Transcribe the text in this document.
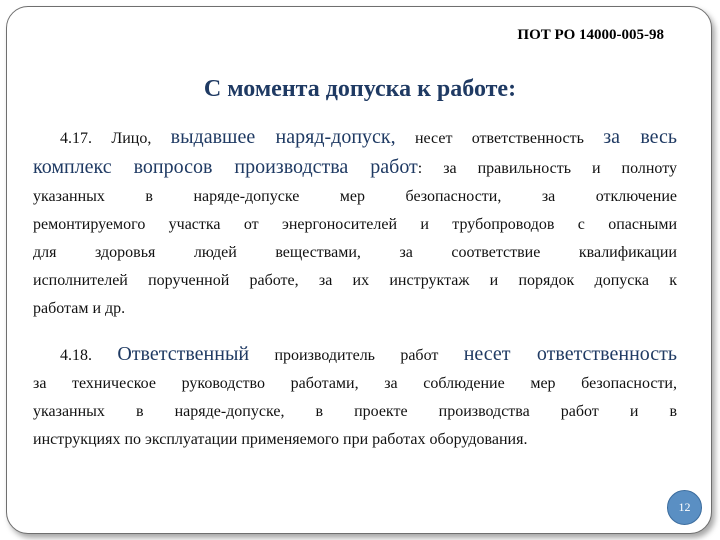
ПОТ РО 14000-005-98
С момента допуска к работе:
4.17. Лицо, выдавшее наряд-допуск, несет ответственность за весь
комплекс вопросов производства работ: за правильность и полноту
указанных в наряде-допуске мер безопасности, за отключение
ремонтируемого участка от энергоносителей и трубопроводов с опасными
для здоровья людей веществами, за соответствие квалификации
исполнителей порученной работе, за их инструктаж и порядок допуска к
работам и др.
4.18. Ответственный производитель работ несет ответственность
за техническое руководство работами, за соблюдение мер безопасности,
указанных в наряде-допуске, в проекте производства работ и в
инструкциях по эксплуатации применяемого при работах оборудования.
12
